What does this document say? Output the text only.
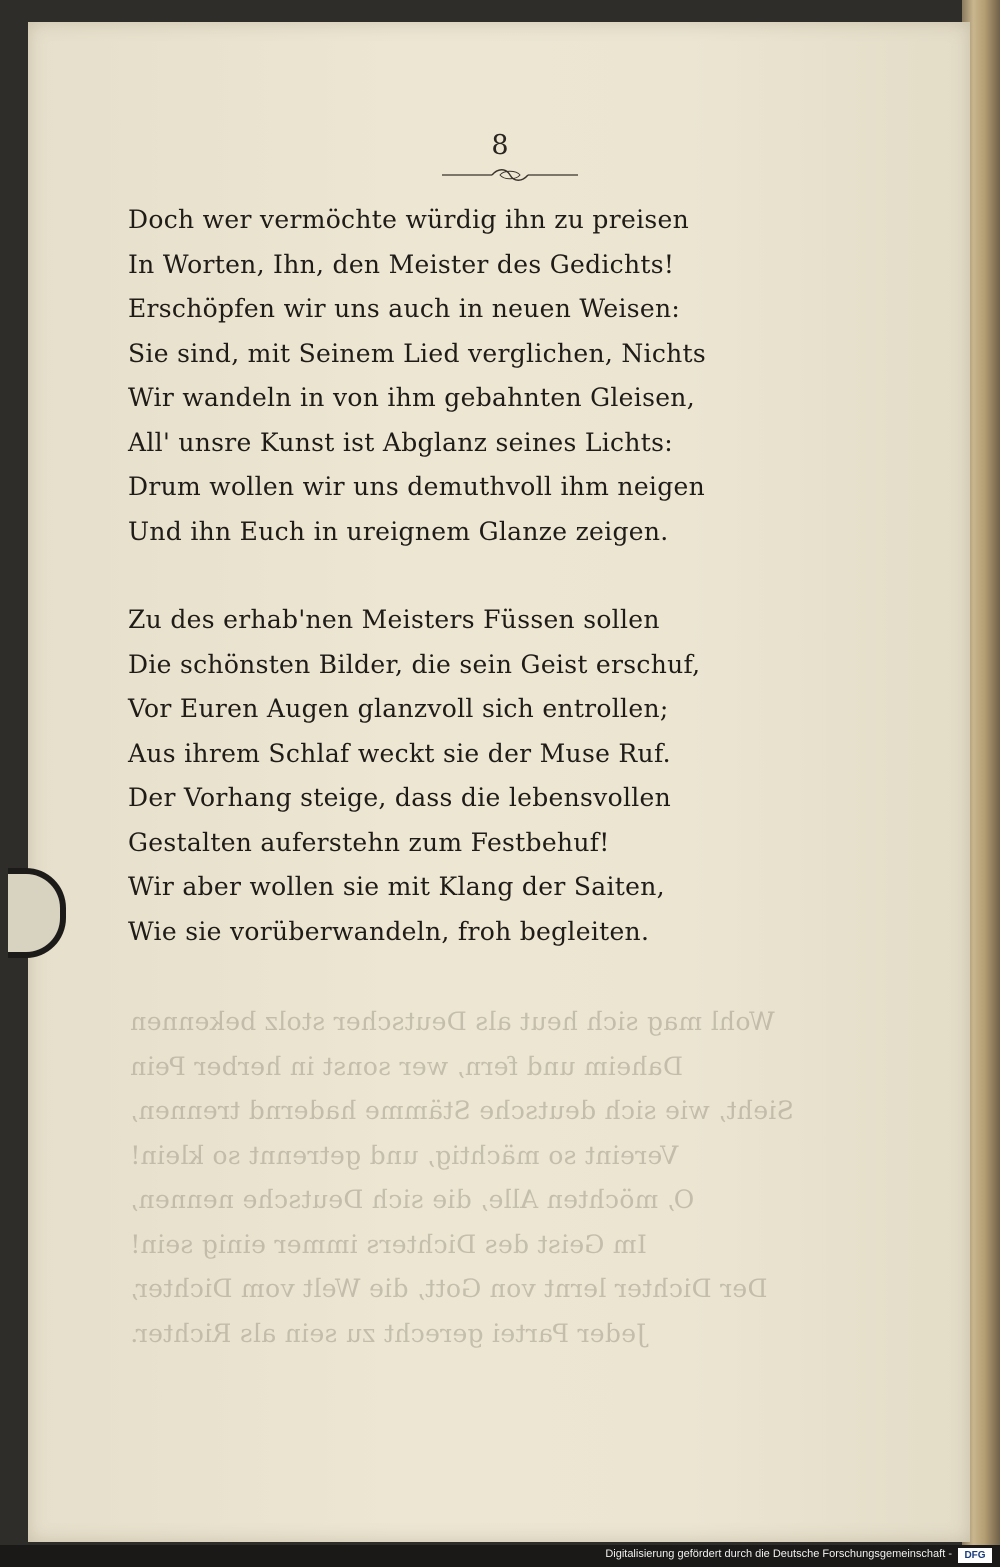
8
Wohl mag sich heut als Deutscher stolz bekennen
Daheim und fern, wer sonst in herber Pein
Sieht, wie sich deutsche Stämme hadernd trennen,
Vereint so mächtig, und getrennt so klein!
O, möchten Alle, die sich Deutsche nennen,
Im Geist des Dichters immer einig sein!
Der Dichter lernt von Gott, die Welt vom Dichter,
Jeder Partei gerecht zu sein als Richter.
Doch wer vermöchte würdig ihn zu preisen
In Worten, Ihn, den Meister des Gedichts!
Erschöpfen wir uns auch in neuen Weisen:
Sie sind, mit Seinem Lied verglichen, Nichts
Wir wandeln in von ihm gebahnten Gleisen,
All' unsre Kunst ist Abglanz seines Lichts:
Drum wollen wir uns demuthvoll ihm neigen
Und ihn Euch in ureignem Glanze zeigen.
Zu des erhab'nen Meisters Füssen sollen
Die schönsten Bilder, die sein Geist erschuf,
Vor Euren Augen glanzvoll sich entrollen;
Aus ihrem Schlaf weckt sie der Muse Ruf.
Der Vorhang steige, dass die lebensvollen
Gestalten auferstehn zum Festbehuf!
Wir aber wollen sie mit Klang der Saiten,
Wie sie vorüberwandeln, froh begleiten.
Digitalisierung gefördert durch die Deutsche Forschungsgemeinschaft -	DFG
